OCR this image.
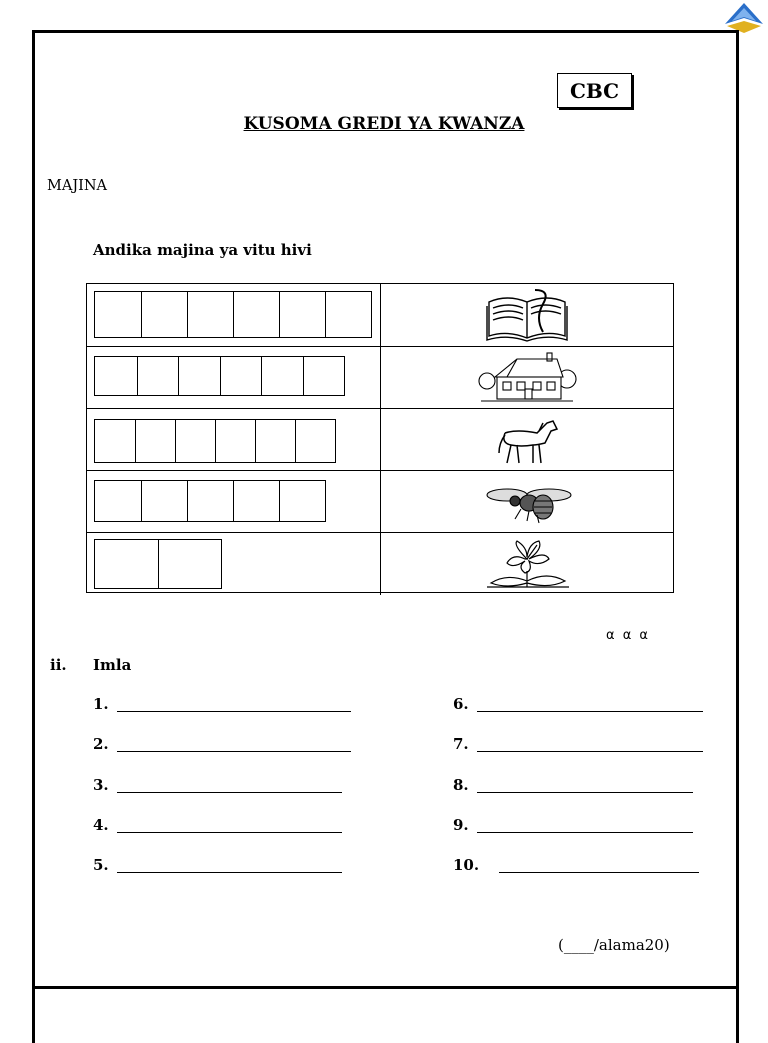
CBC
KUSOMA GREDI YA KWANZA
MAJINA
Andika majina ya vitu hivi
α α α
ii. Imla
1.
2.
3.
4.
5.
6.
7.
8.
9.
10.
(____/alama20)
